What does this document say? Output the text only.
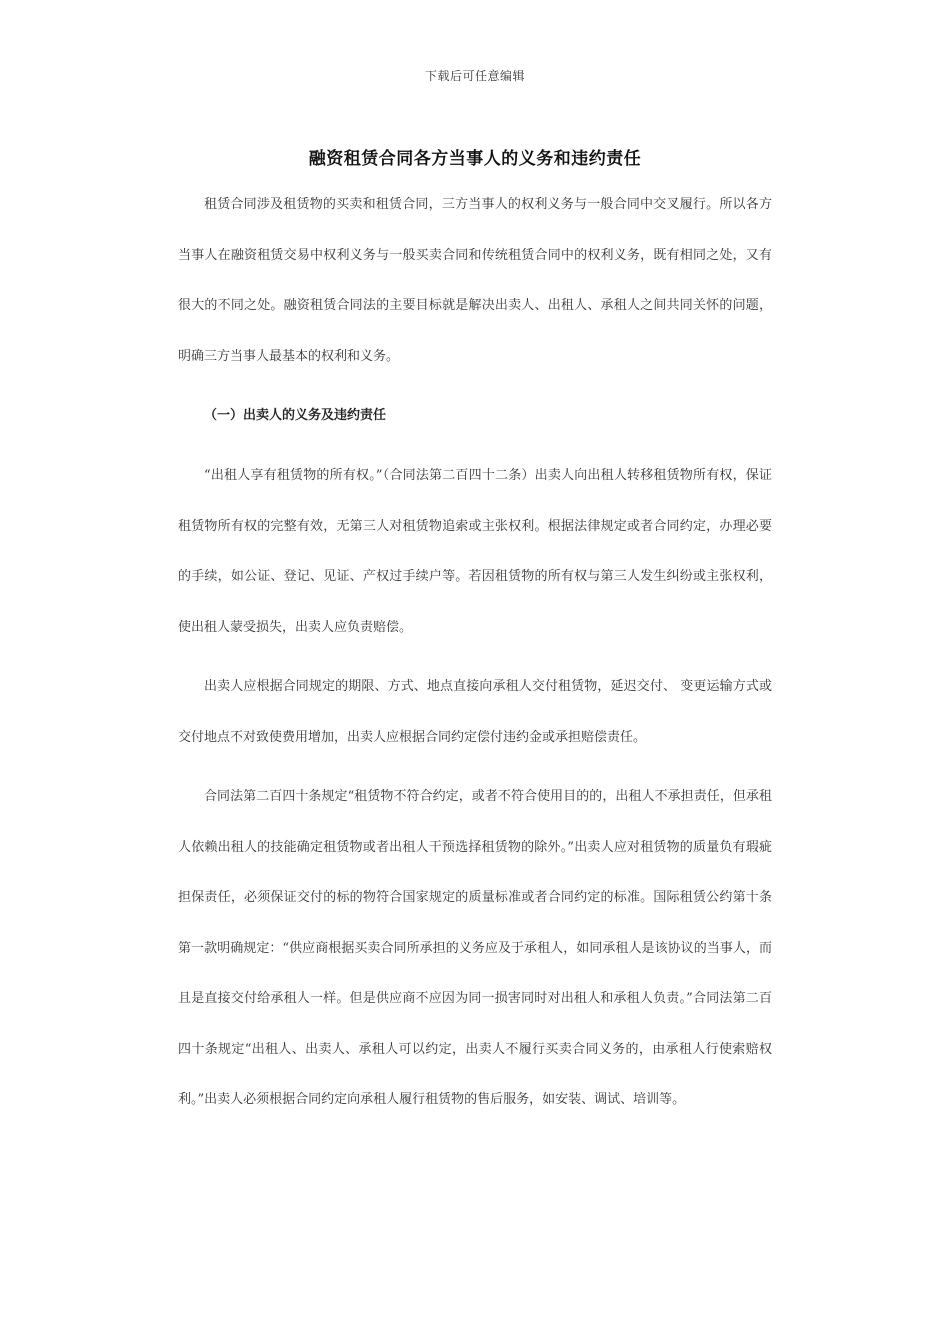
下载后可任意编辑
融资租赁合同各方当事人的义务和违约责任

租赁合同涉及租赁物的买卖和租赁合同，三方当事人的权利义务与一般合同中交叉履行。所以各方当事人在融资租赁交易中权利义务与一般买卖合同和传统租赁合同中的权利义务，既有相同之处，又有很大的不同之处。融资租赁合同法的主要目标就是解决出卖人、出租人、承租人之间共同关怀的问题，明确三方当事人最基本的权利和义务。

（一）出卖人的义务及违约责任

“出租人享有租赁物的所有权。”（合同法第二百四十二条）出卖人向出租人转移租赁物所有权，保证租赁物所有权的完整有效，无第三人对租赁物追索或主张权利。根据法律规定或者合同约定，办理必要的手续，如公证、登记、见证、产权过手续户等。若因租赁物的所有权与第三人发生纠纷或主张权利，使出租人蒙受损失，出卖人应负责赔偿。

出卖人应根据合同规定的期限、方式、地点直接向承租人交付租赁物，延迟交付、 变更运输方式或交付地点不对致使费用增加，出卖人应根据合同约定偿付违约金或承担赔偿责任。

合同法第二百四十条规定“租赁物不符合约定，或者不符合使用目的的，出租人不承担责任，但承租人依赖出租人的技能确定租赁物或者出租人干预选择租赁物的除外。”出卖人应对租赁物的质量负有瑕疵担保责任，必须保证交付的标的物符合国家规定的质量标准或者合同约定的标准。国际租赁公约第十条第一款明确规定：“供应商根据买卖合同所承担的义务应及于承租人，如同承租人是该协议的当事人，而且是直接交付给承租人一样。但是供应商不应因为同一损害同时对出租人和承租人负责。”合同法第二百四十条规定“出租人、出卖人、承租人可以约定，出卖人不履行买卖合同义务的，由承租人行使索赔权利。”出卖人必须根据合同约定向承租人履行租赁物的售后服务，如安装、调试、培训等。
